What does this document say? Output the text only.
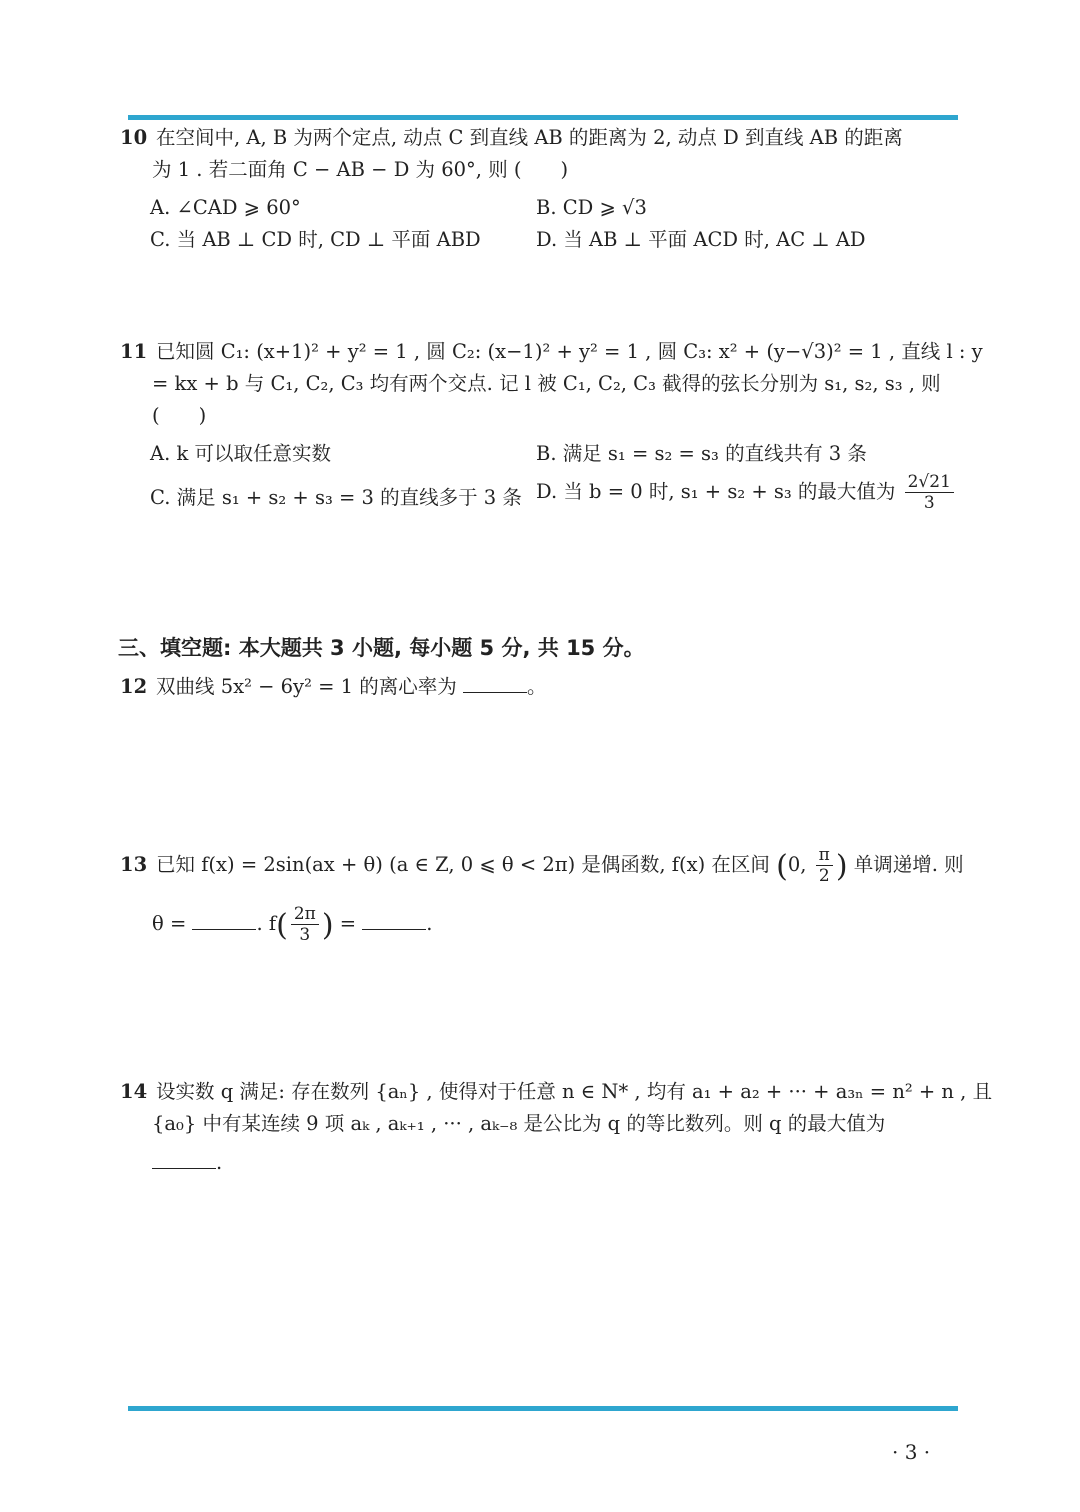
10 在空间中, A, B 为两个定点, 动点 C 到直线 AB 的距离为 2, 动点 D 到直线 AB 的距离
为 1 . 若二面角 C − AB − D 为 60°, 则 (　　)
A. ∠CAD ⩾ 60°	B. CD ⩾ √3
C. 当 AB ⊥ CD 时, CD ⊥ 平面 ABD	D. 当 AB ⊥ 平面 ACD 时, AC ⊥ AD
11 已知圆 C₁: (x+1)² + y² = 1 , 圆 C₂: (x−1)² + y² = 1 , 圆 C₃: x² + (y−√3)² = 1 , 直线 l : y
= kx + b 与 C₁, C₂, C₃ 均有两个交点. 记 l 被 C₁, C₂, C₃ 截得的弦长分别为 s₁, s₂, s₃ , 则
(　　)
A. k 可以取任意实数	B. 满足 s₁ = s₂ = s₃ 的直线共有 3 条
C. 满足 s₁ + s₂ + s₃ = 3 的直线多于 3 条 D. 当 b = 0 时, s₁ + s₂ + s₃ 的最大值为 $\frac{2√21}{3}$
三、填空题: 本大题共 3 小题, 每小题 5 分, 共 15 分。
12 双曲线 5x² − 6y² = 1 的离心率为	。
13 已知 f(x) = 2sin(ax + θ) (a ∈ Z, 0 ⩽ θ < 2π) 是偶函数, f(x) 在区间 (0, $\frac{\pi}{2}$ ) 单调递增. 则
θ =	. $f( \frac{2\pi}{3}$ ) =	.
14 设实数 q 满足: 存在数列 {aₙ} , 使得对于任意 n ∈ N* , 均有 a₁ + a₂ + ··· + a₃ₙ = n² + n , 且
{a₀} 中有某连续 9 项 aₖ , aₖ₊₁ , ··· , aₖ₋₈ 是公比为 q 的等比数列。则 q 的最大值为
.
· 3 ·
